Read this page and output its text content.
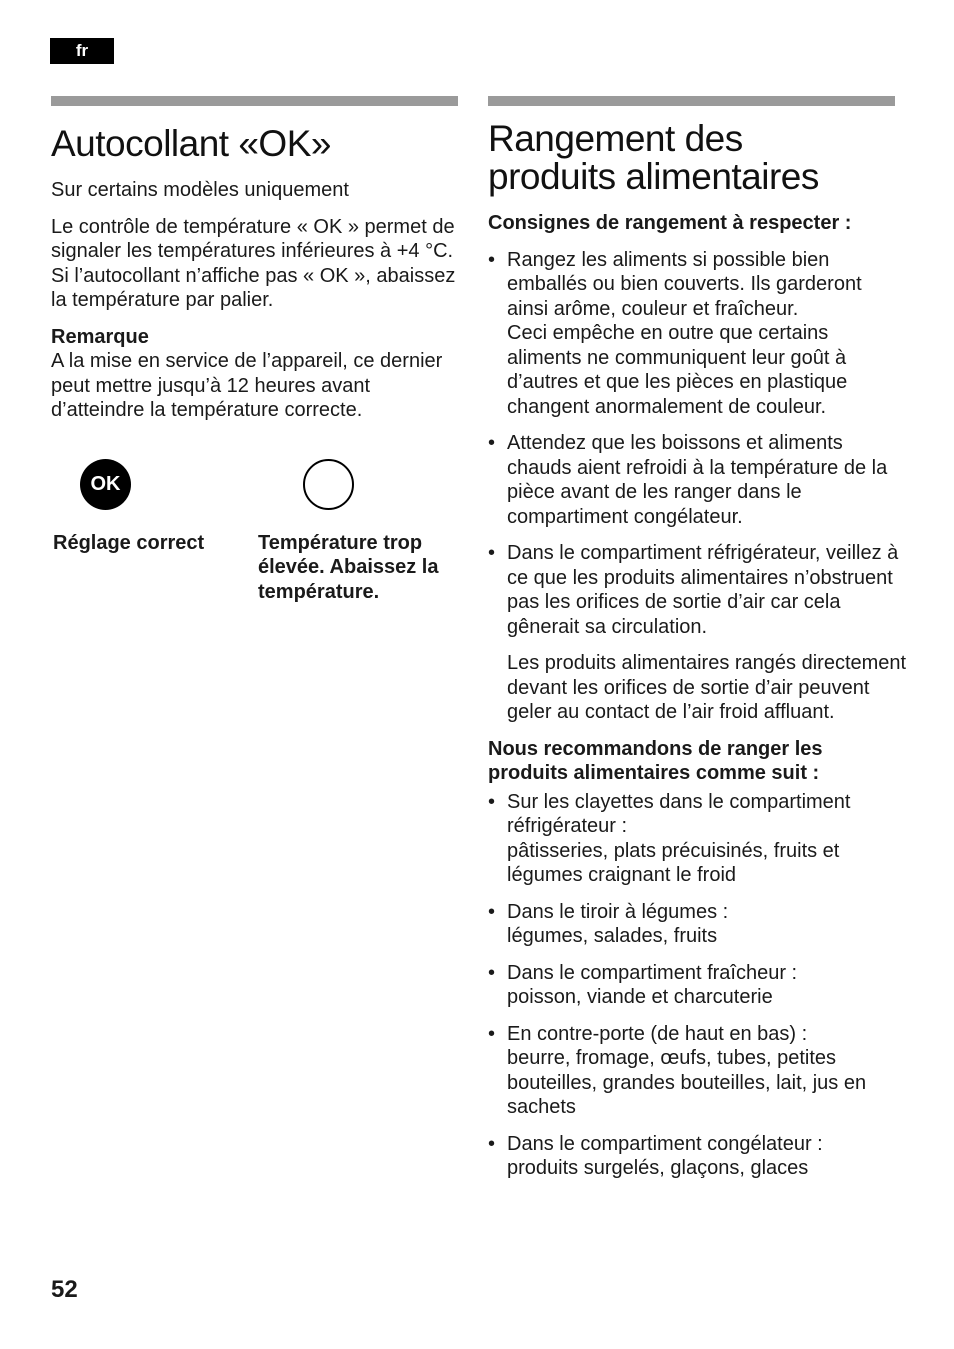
fr
Autocollant «OK»

Sur certains modèles uniquement

Le contrôle de température « OK » permet de signaler les températures inférieures à +4 °C. Si l’autocollant n’affiche pas « OK », abaissez la température par palier.

Remarque

A la mise en service de l’appareil, ce dernier peut mettre jusqu’à 12 heures avant d’atteindre la température correcte.

OK
Réglage correct	Température trop élevée. Abaissez la température.
Rangement des
produits alimentaires

Consignes de rangement à respecter :

• Rangez les aliments si possible bien emballés ou bien couverts. Ils garderont ainsi arôme, couleur et fraîcheur.
Ceci empêche en outre que certains aliments ne communiquent leur goût à d’autres et que les pièces en plastique changent anormalement de couleur.
• Attendez que les boissons et aliments chauds aient refroidi à la température de la pièce avant de les ranger dans le compartiment congélateur.
• Dans le compartiment réfrigérateur, veillez à ce que les produits alimentaires n’obstruent pas les orifices de sortie d’air car cela gênerait sa circulation.

Les produits alimentaires rangés directement devant les orifices de sortie d’air peuvent geler au contact de l’air froid affluant.

Nous recommandons de ranger les produits alimentaires comme suit :

• Sur les clayettes dans le compartiment réfrigérateur :
pâtisseries, plats précuisinés, fruits et légumes craignant le froid
• Dans le tiroir à légumes :
légumes, salades, fruits
• Dans le compartiment fraîcheur :
poisson, viande et charcuterie
• En contre-porte (de haut en bas) :
beurre, fromage, œufs, tubes, petites bouteilles, grandes bouteilles, lait, jus en sachets
• Dans le compartiment congélateur :
produits surgelés, glaçons, glaces
52
